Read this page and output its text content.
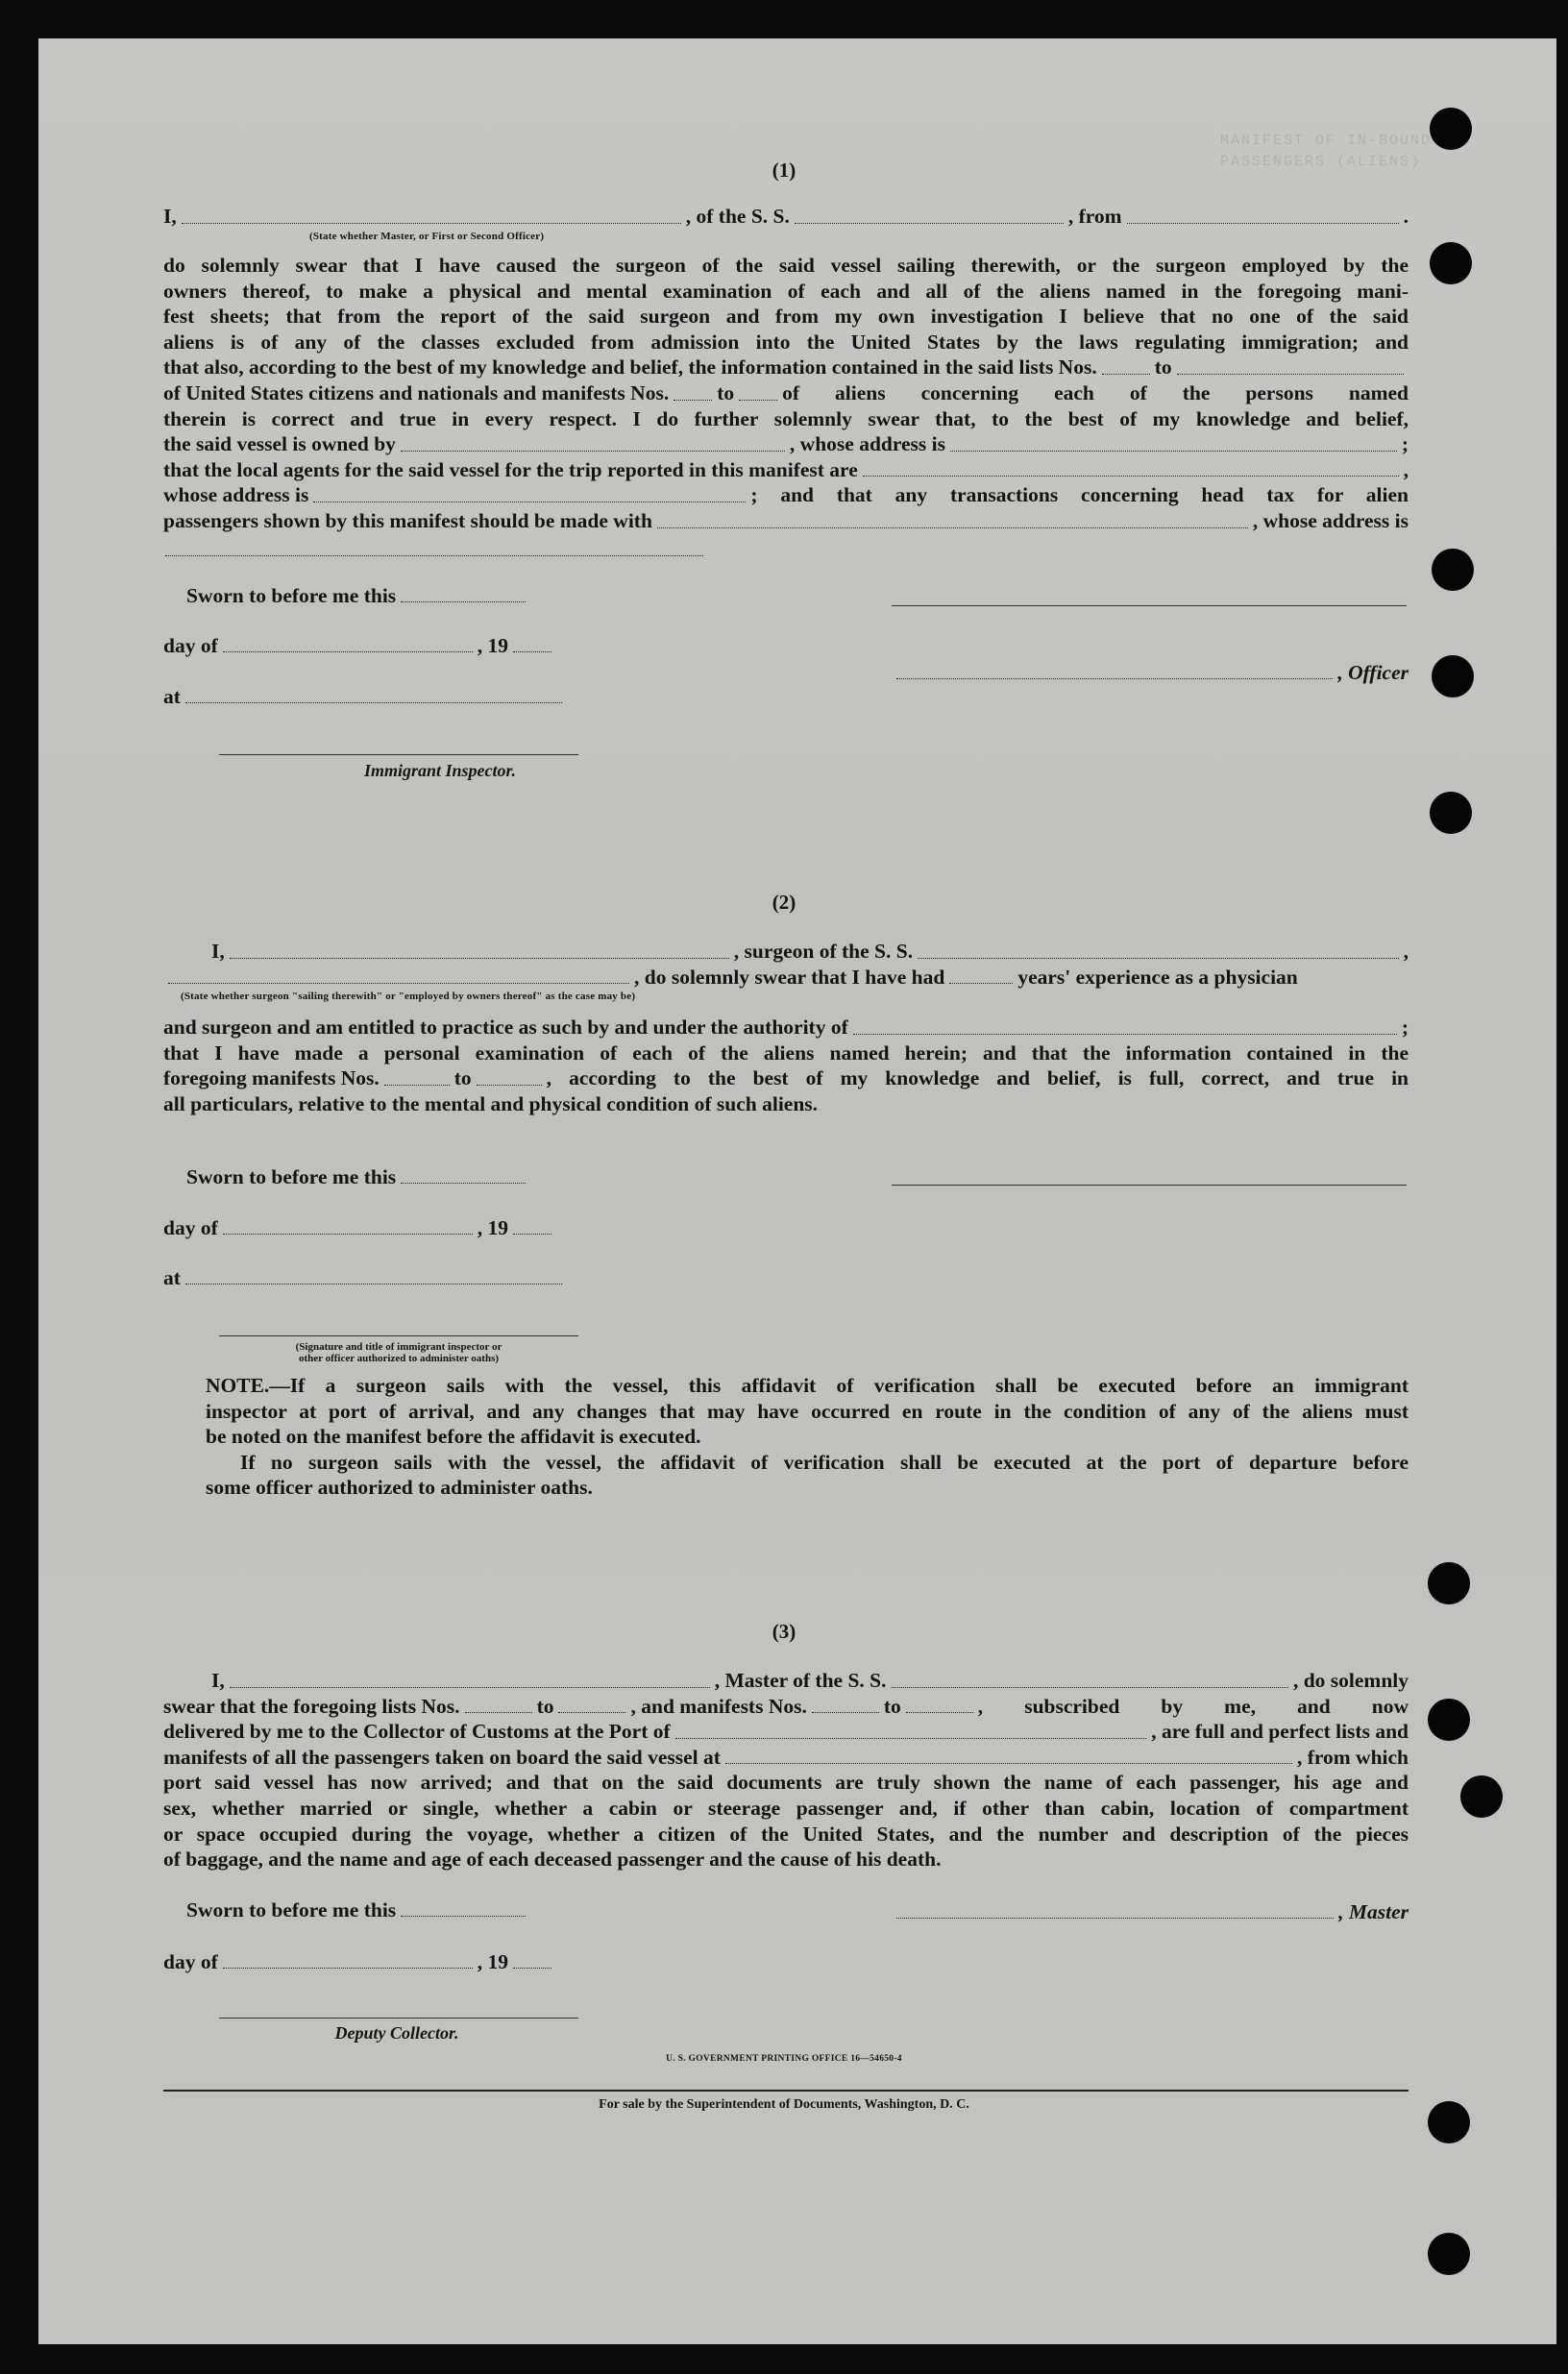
MANIFEST OF IN-BOUND PASSENGERS (ALIENS)
(1)
I,	, of the S. S.	, from	.
(State whether Master, or First or Second Officer)
do solemnly swear that I have caused the surgeon of the said vessel sailing therewith, or the surgeon employed by the
owners thereof, to make a physical and mental examination of each and all of the aliens named in the foregoing mani-
fest sheets; that from the report of the said surgeon and from my own investigation I believe that no one of the said
aliens is of any of the classes excluded from admission into the United States by the laws regulating immigration; and
that also, according to the best of my knowledge and belief, the information contained in the said lists Nos.	to
of United States citizens and nationals and manifests Nos. to of aliens concerning each of the persons named
therein is correct and true in every respect. I do further solemnly swear that, to the best of my knowledge and belief,
the said vessel is owned by	, whose address is	;
that the local agents for the said vessel for the trip reported in this manifest are	,
whose address is	; and that any transactions concerning head tax for alien
passengers shown by this manifest should be made with	, whose address is
Sworn to before me this
day of	, 19
at
, Officer
Immigrant Inspector.
(2)
I,	, surgeon of the S. S.	,
, do solemnly swear that I have had	years' experience as a physician
(State whether surgeon "sailing therewith" or "employed by owners thereof" as the case may be)
and surgeon and am entitled to practice as such by and under the authority of	;
that I have made a personal examination of each of the aliens named herein; and that the information contained in the
foregoing manifests Nos.	to	, according to the best of my knowledge and belief, is full, correct, and true in
all particulars, relative to the mental and physical condition of such aliens.
Sworn to before me this
day of	, 19
at
(Signature and title of immigrant inspector or
other officer authorized to administer oaths)
NOTE.—If a surgeon sails with the vessel, this affidavit of verification shall be executed before an immigrant
inspector at port of arrival, and any changes that may have occurred en route in the condition of any of the aliens must
be noted on the manifest before the affidavit is executed.
If no surgeon sails with the vessel, the affidavit of verification shall be executed at the port of departure before
some officer authorized to administer oaths.
(3)
I,	, Master of the S. S.	, do solemnly
swear that the foregoing lists Nos.	to	, and manifests Nos.	to	, subscribed by me, and now
delivered by me to the Collector of Customs at the Port of	, are full and perfect lists and
manifests of all the passengers taken on board the said vessel at	, from which
port said vessel has now arrived; and that on the said documents are truly shown the name of each passenger, his age and
sex, whether married or single, whether a cabin or steerage passenger and, if other than cabin, location of compartment
or space occupied during the voyage, whether a citizen of the United States, and the number and description of the pieces
of baggage, and the name and age of each deceased passenger and the cause of his death.
Sworn to before me this	, Master
day of	, 19
Deputy Collector.
U. S. GOVERNMENT PRINTING OFFICE 16—54650-4
For sale by the Superintendent of Documents, Washington, D. C.
